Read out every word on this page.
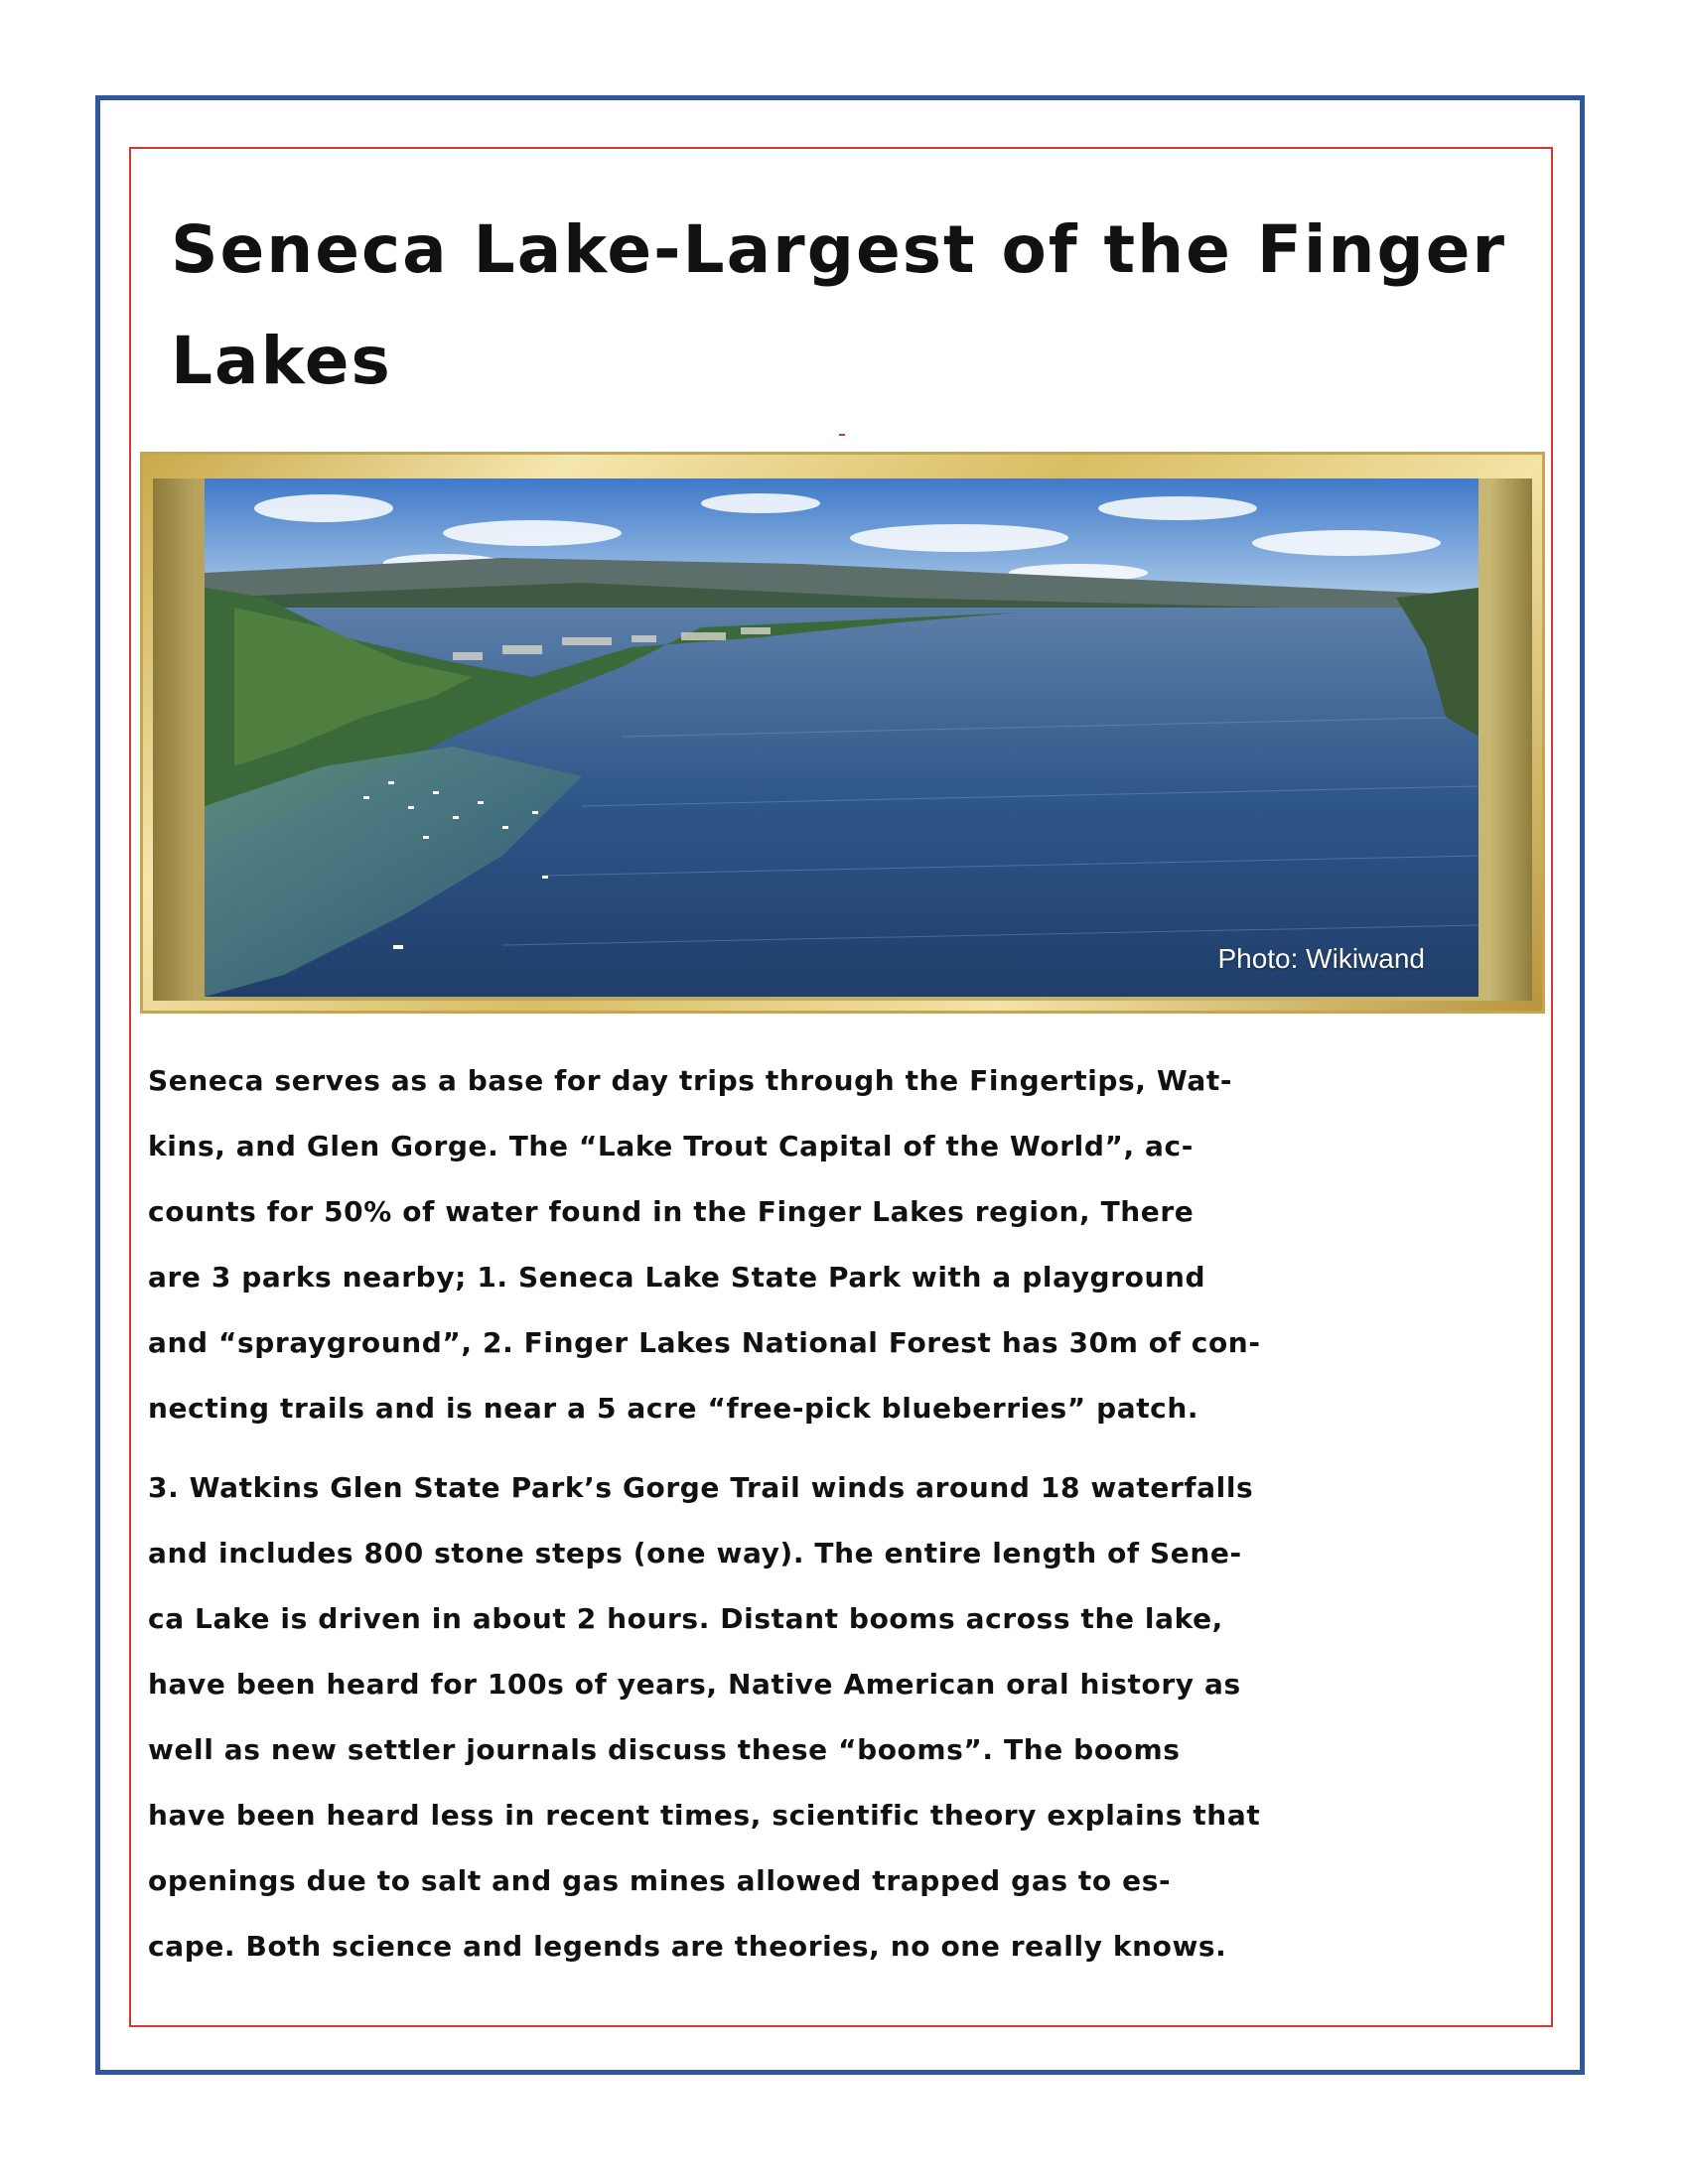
Seneca Lake-Largest of the Finger
Lakes
Photo: Wikiwand
Seneca serves as a base for day trips through the Fingertips, Wat-
kins, and Glen Gorge. The “Lake Trout Capital of the World”, ac-
counts for 50% of water found in the Finger Lakes region, There
are 3 parks nearby; 1. Seneca Lake State Park with a playground
and “sprayground”, 2. Finger Lakes National Forest has 30m of con-
necting trails and is near a 5 acre “free-pick blueberries” patch.
3. Watkins Glen State Park’s Gorge Trail winds around 18 waterfalls
and includes 800 stone steps (one way). The entire length of Sene-
ca Lake is driven in about 2 hours. Distant booms across the lake,
have been heard for 100s of years, Native American oral history as
well as new settler journals discuss these “booms”. The booms
have been heard less in recent times, scientific theory explains that
openings due to salt and gas mines allowed trapped gas to es-
cape. Both science and legends are theories, no one really knows.
